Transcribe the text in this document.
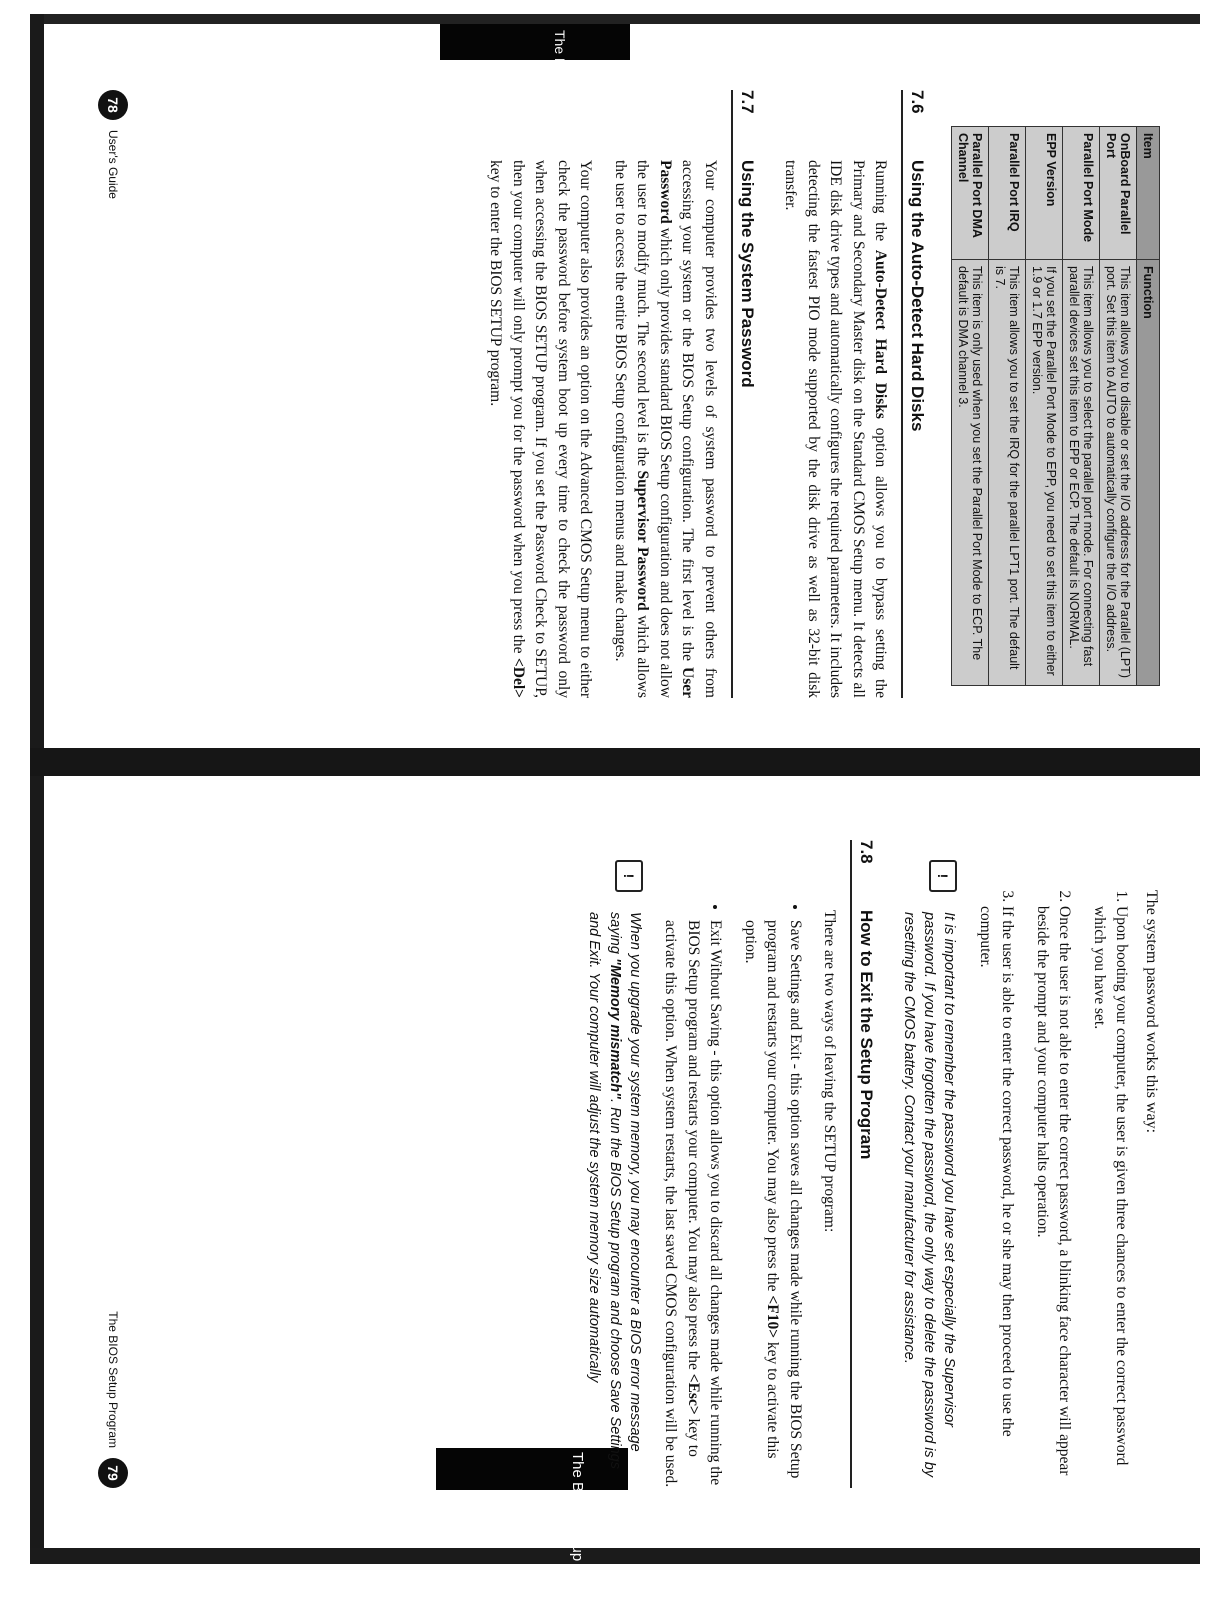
The BIOS Setup Program
The BIOS Setup Program
Item	Function
OnBoard Parallel Port	This item allows you to disable or set the I/O address for the Parallel (LPT) port. Set this item to AUTO to automatically configure the I/O address.
Parallel Port Mode	This item allows you to select the parallel port mode. For connecting fast parallel devices set this item to EPP or ECP. The default is NORMAL.
EPP Version	If you set the Parallel Port Mode to EPP, you need to set this item to either 1.9 or 1.7 EPP version.
Parallel Port IRQ	This item allows you to set the IRQ for the parallel LPT1 port. The default is 7.
Parallel Port DMA Channel	This item is only used when you set the Parallel Port Mode to ECP. The default is DMA channel 3.
7.6
Using the Auto-Detect Hard Disks

Running the Auto-Detect Hard Disks option allows you to bypass setting the Primary and Secondary Master disk on the Standard CMOS Setup menu. It detects all IDE disk drive types and automatically configures the required parameters. It includes detecting the fastest PIO mode supported by the disk drive as well as 32-bit disk transfer.

7.7
Using the System Password

Your computer provides two levels of system password to prevent others from accessing your system or the BIOS Setup configuration. The first level is the User Password which only provides standard BIOS Setup configuration and does not allow the user to modify much. The second level is the Supervisor Password which allows the user to access the entire BIOS Setup configuration menus and make changes.

Your computer also provides an option on the Advanced CMOS Setup menu to either check the password before system boot up every time to check the password only when accessing the BIOS SETUP program. If you set the Password Check to SETUP, then your computer will only prompt you for the password when you press the <Del> key to enter the BIOS SETUP program.

78
User's Guide

The system password works this way:

1. Upon booting your computer, the user is given three chances to enter the correct password which you have set.
2. Once the user is not able to enter the correct password, a blinking face character will appear beside the prompt and your computer halts operation.
3. If the user is able to enter the correct password, he or she may then proceed to use the computer.
!
It is important to remember the password you have set especially the Supervisor password. If you have forgotten the password, the only way to delete the password is by resetting the CMOS battery. Contact your manufacturer for assistance.
7.8
How to Exit the Setup Program

There are two ways of leaving the SETUP program:

• Save Settings and Exit - this option saves all changes made while running the BIOS Setup program and restarts your computer. You may also press the <F10> key to activate this option.
• Exit Without Saving - this option allows you to discard all changes made while running the BIOS Setup program and restarts your computer. You may also press the <Esc> key to activate this option. When system restarts, the last saved CMOS configuration will be used.
!
When you upgrade your system memory, you may encounter a BIOS error message saying "Memory mismatch". Run the BIOS Setup program and choose Save Settings and Exit. Your computer will adjust the system memory size automatically
The BIOS Setup Program
79
